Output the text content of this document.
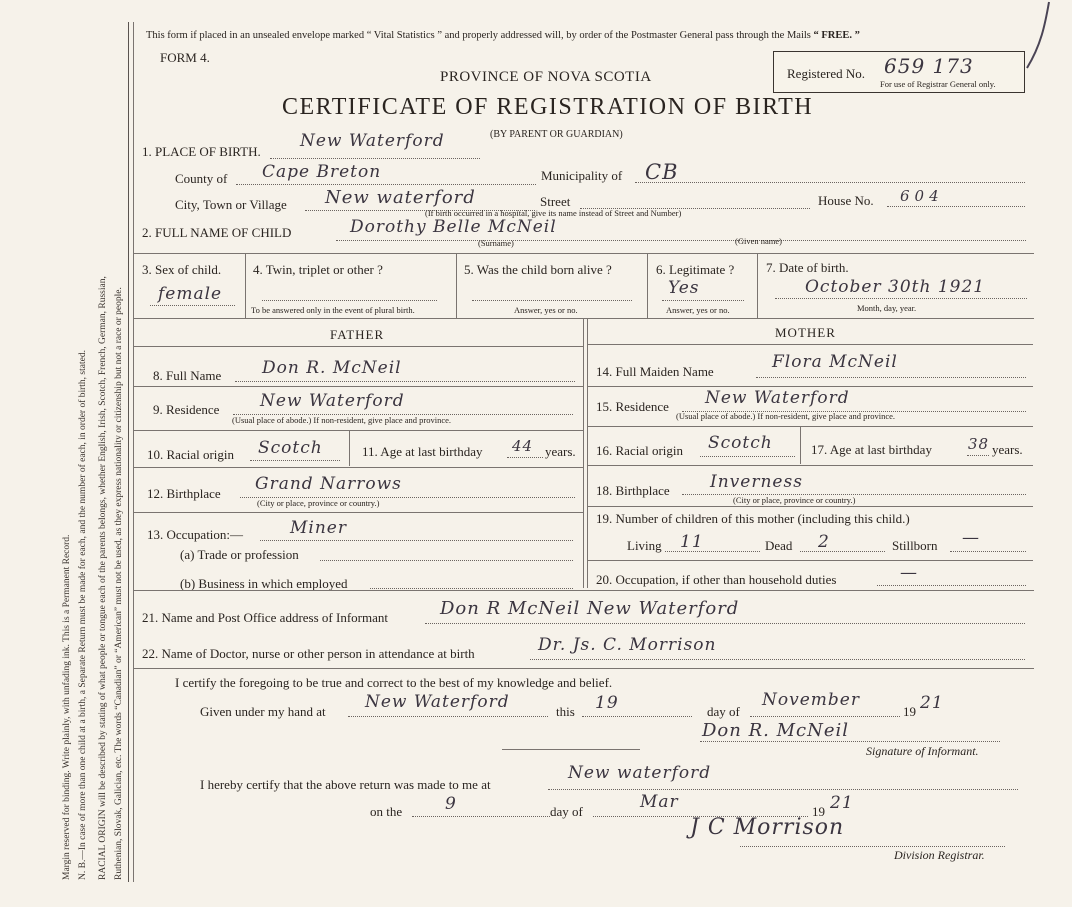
Margin reserved for binding. Write plainly, with unfading ink. This is a Permanent Record. N. B.—In case of more than one child at a birth, a Separate Return must be made for each, and the number of each, in order of birth, stated. RACIAL ORIGIN will be described by stating of what people or tongue each of the parents belongs, whether English, Irish, Scotch, French, German, Russian, Ruthenian, Slovak, Galician, etc. The words “Canadian” or “American” must not be used, as they express nationality or citizenship but not a race or people.
This form if placed in an unsealed envelope marked “ Vital Statistics ” and properly addressed will, by order of the Postmaster General pass through the Mails “ FREE. ”
FORM 4.
Registered No. 659 173
For use of Registrar General only.
PROVINCE OF NOVA SCOTIA
CERTIFICATE OF REGISTRATION OF BIRTH
(BY PARENT OR GUARDIAN)
1. PLACE OF BIRTH.
New Waterford
County of Cape Breton	Municipality of CB
City, Town or Village New waterford	Street
(If birth occurred in a hospital, give its name instead of Street and Number)
House No. 604
2. FULL NAME OF CHILD	Dorothy Belle McNeil
(Surname)	(Given name)
3. Sex of child.
female
4. Twin, triplet or other ?
To be answered only in the event of plural birth.
5. Was the child born alive ?
Answer, yes or no.
6. Legitimate ?
Yes
Answer, yes or no.
7. Date of birth.
October 30th 1921
Month, day, year.
FATHER	MOTHER
8. Full Name Don R. McNeil
9. Residence New Waterford
(Usual place of abode.) If non-resident, give place and province.
10. Racial origin Scotch	11. Age at last birthday 44 years.
12. Birthplace Grand Narrows
(City or place, province or country.)
13. Occupation:—	Miner
(a) Trade or profession
(b) Business in which employed
14. Full Maiden Name	Flora McNeil
15. Residence New Waterford
(Usual place of abode.) If non-resident, give place and province.
16. Racial origin Scotch	17. Age at last birthday 38 years.
18. Birthplace Inverness
(City or place, province or country.)
19. Number of children of this mother (including this child.)
Living 11	Dead 2	Stillborn —
20. Occupation, if other than household duties	—
21. Name and Post Office address of Informant	Don R McNeil New Waterford
22. Name of Doctor, nurse or other person in attendance at birth	Dr. Js. C. Morrison
I certify the foregoing to be true and correct to the best of my knowledge and belief.
Given under my hand at New Waterford	this 19	day of
November
19 21
Don R. McNeil
Signature of Informant.
I hereby certify that the above return was made to me at
New waterford
on the	9	day of	Mar	19 21
J C Morrison
Division Registrar.
